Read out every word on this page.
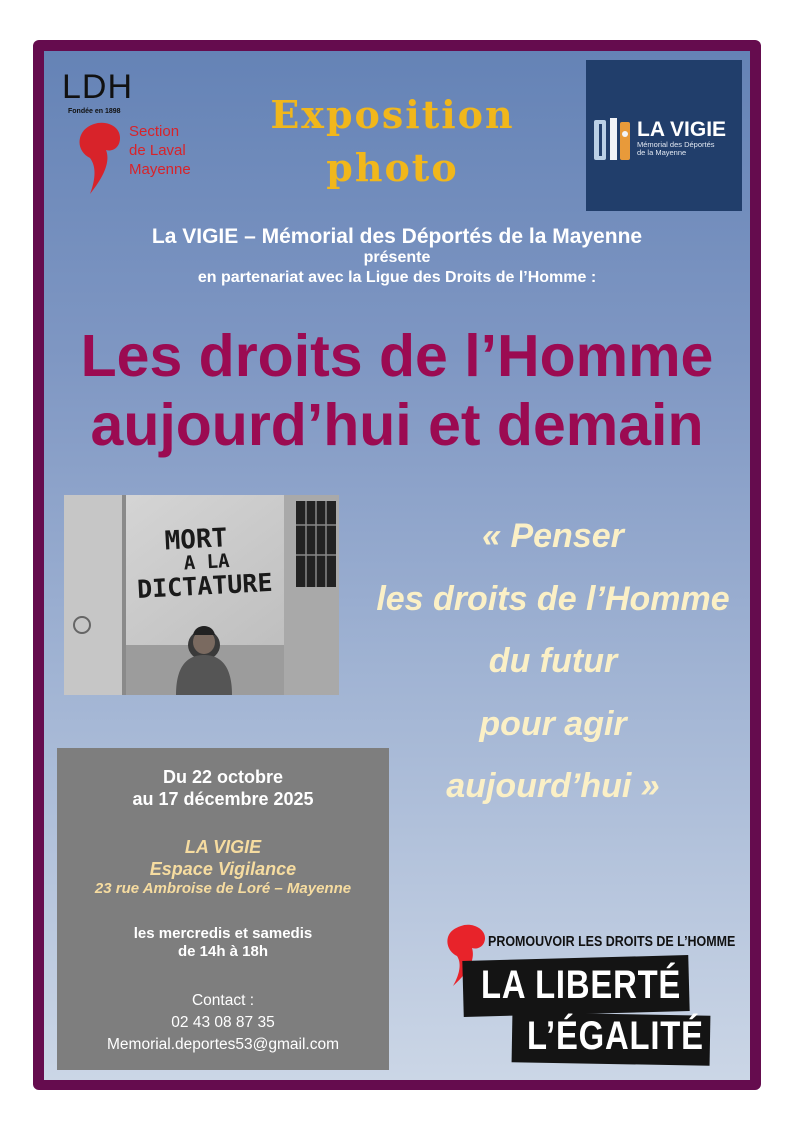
LDH
Fondée en 1898
Section
de Laval
Mayenne
Exposition
photo
LA VIGIE
Mémorial des Déportés
de la Mayenne
La VIGIE – Mémorial des Déportés de la Mayenne
présente
en partenariat avec la Ligue des Droits de l’Homme :
Les droits de l’Homme
aujourd’hui et demain
MORT
A LA
DICTATURE
« Penser
les droits de l’Homme
du futur
pour agir
aujourd’hui »
Du 22 octobre
au 17 décembre 2025
LA VIGIE
Espace Vigilance
23 rue Ambroise de Loré – Mayenne
les mercredis et samedis
de 14h à 18h
Contact :
02 43 08 87 35
Memorial.deportes53@gmail.com
PROMOUVOIR LES DROITS DE L’HOMME
LA LIBERTÉ
L’ÉGALITÉ
